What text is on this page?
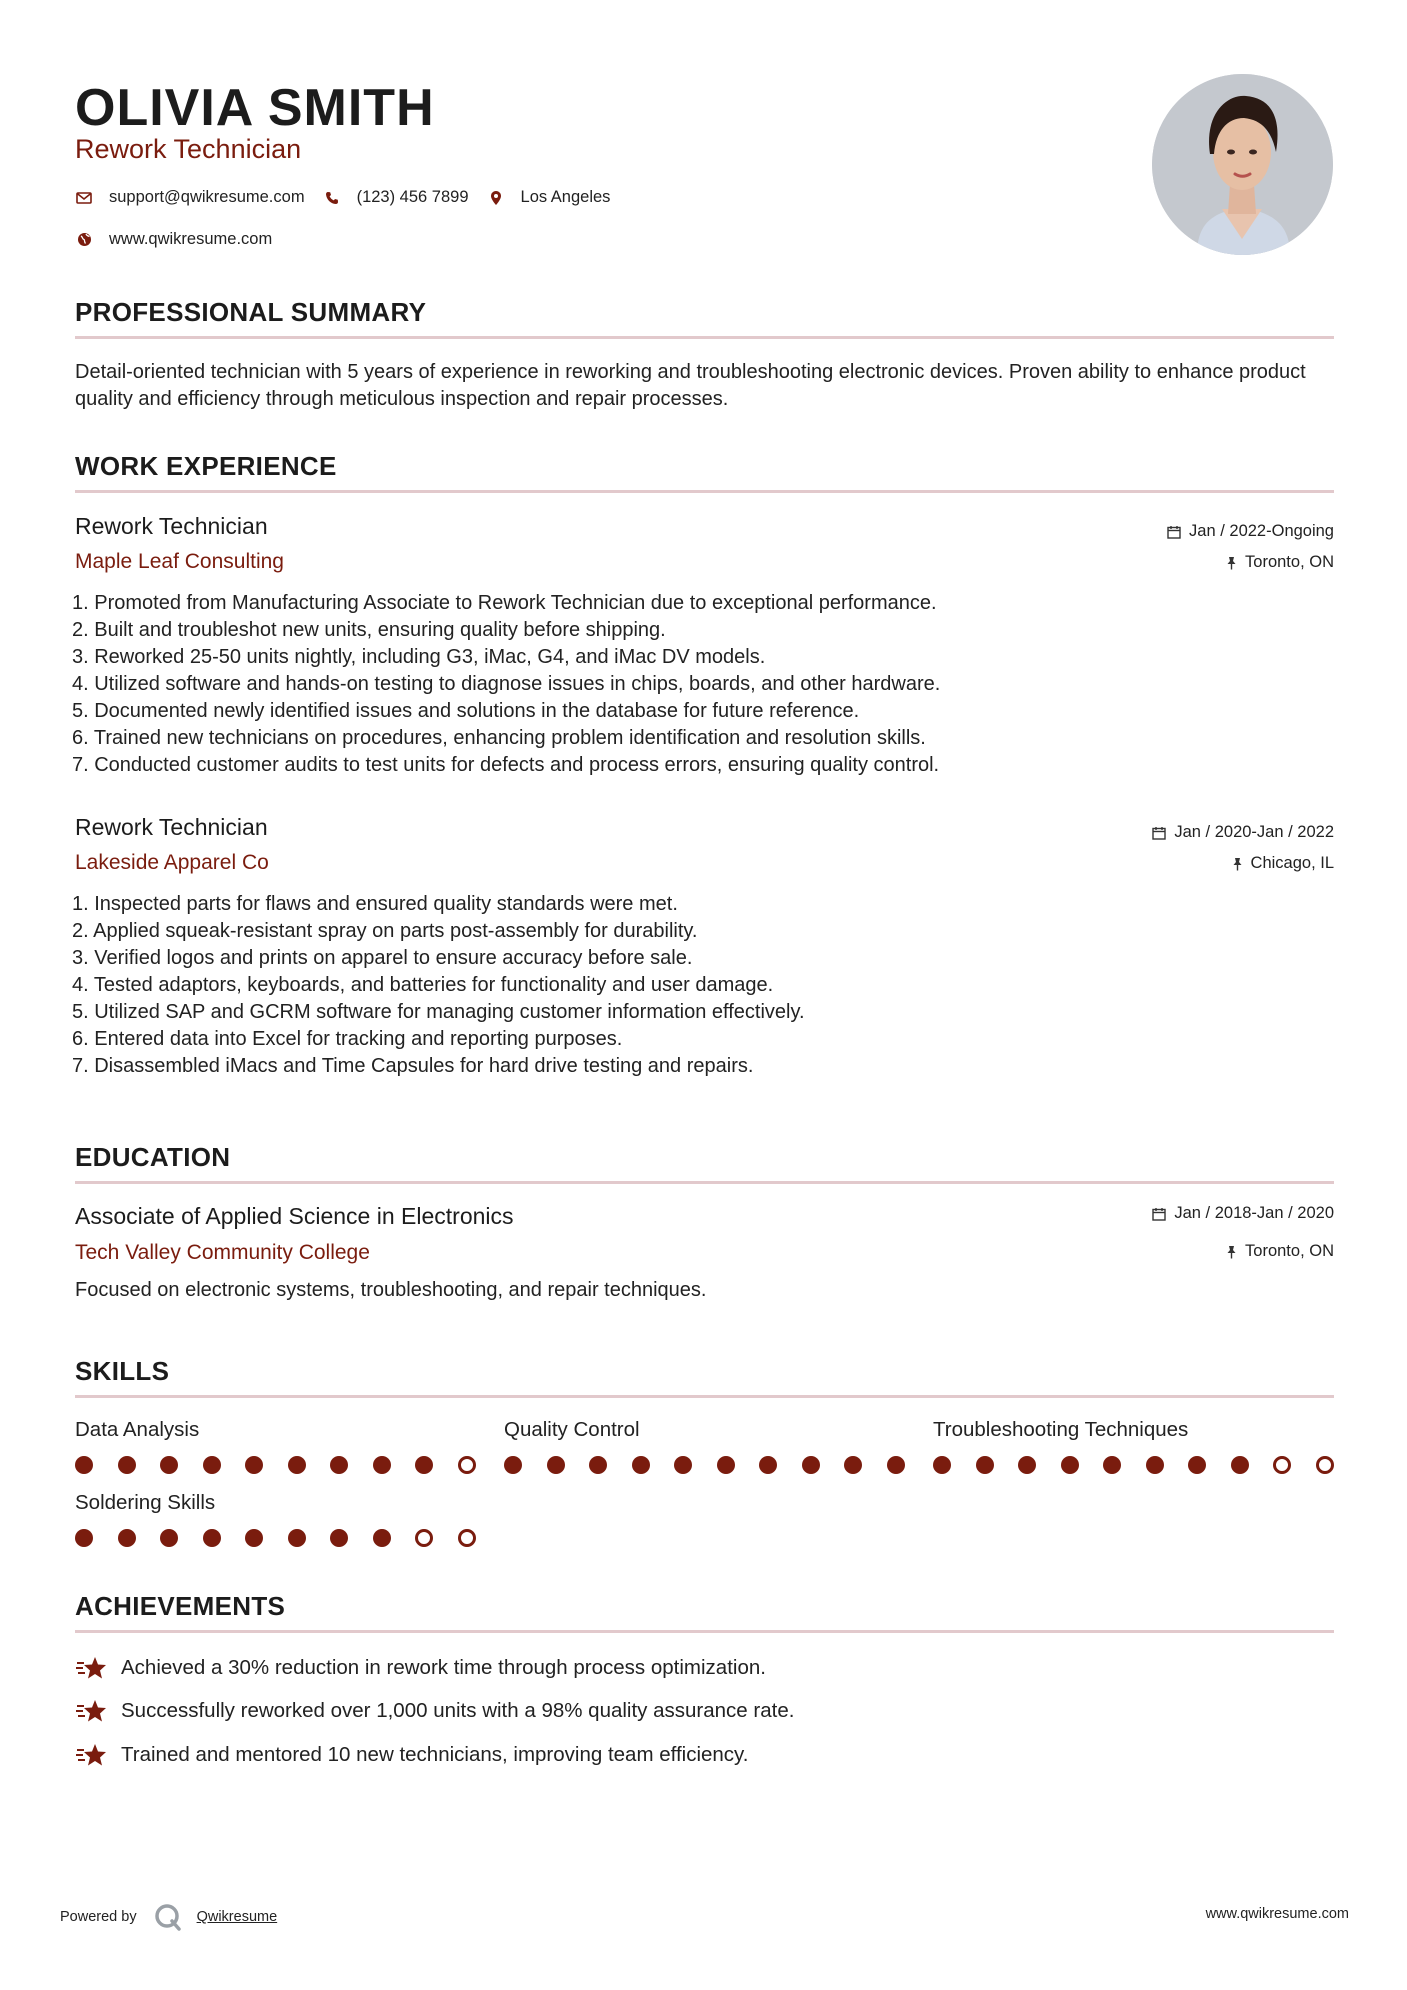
OLIVIA SMITH
Rework Technician
support@qwikresume.com	(123) 456 7899	Los Angeles
www.qwikresume.com
PROFESSIONAL SUMMARY
Detail-oriented technician with 5 years of experience in reworking and troubleshooting electronic devices. Proven ability to enhance product quality and efficiency through meticulous inspection and repair processes.
WORK EXPERIENCE
Rework Technician
Maple Leaf Consulting
Jan / 2022-Ongoing
Toronto, ON
1. Promoted from Manufacturing Associate to Rework Technician due to exceptional performance.
2. Built and troubleshot new units, ensuring quality before shipping.
3. Reworked 25-50 units nightly, including G3, iMac, G4, and iMac DV models.
4. Utilized software and hands-on testing to diagnose issues in chips, boards, and other hardware.
5. Documented newly identified issues and solutions in the database for future reference.
6. Trained new technicians on procedures, enhancing problem identification and resolution skills.
7. Conducted customer audits to test units for defects and process errors, ensuring quality control.
Rework Technician
Lakeside Apparel Co
Jan / 2020-Jan / 2022
Chicago, IL
1. Inspected parts for flaws and ensured quality standards were met.
2. Applied squeak-resistant spray on parts post-assembly for durability.
3. Verified logos and prints on apparel to ensure accuracy before sale.
4. Tested adaptors, keyboards, and batteries for functionality and user damage.
5. Utilized SAP and GCRM software for managing customer information effectively.
6. Entered data into Excel for tracking and reporting purposes.
7. Disassembled iMacs and Time Capsules for hard drive testing and repairs.
EDUCATION
Associate of Applied Science in Electronics
Tech Valley Community College
Jan / 2018-Jan / 2020
Toronto, ON
Focused on electronic systems, troubleshooting, and repair techniques.
SKILLS
Data Analysis	Quality Control	Troubleshooting Techniques
Soldering Skills
ACHIEVEMENTS
Achieved a 30% reduction in rework time through process optimization.
Successfully reworked over 1,000 units with a 98% quality assurance rate.
Trained and mentored 10 new technicians, improving team efficiency.
Powered by	Qwikresume	www.qwikresume.com
